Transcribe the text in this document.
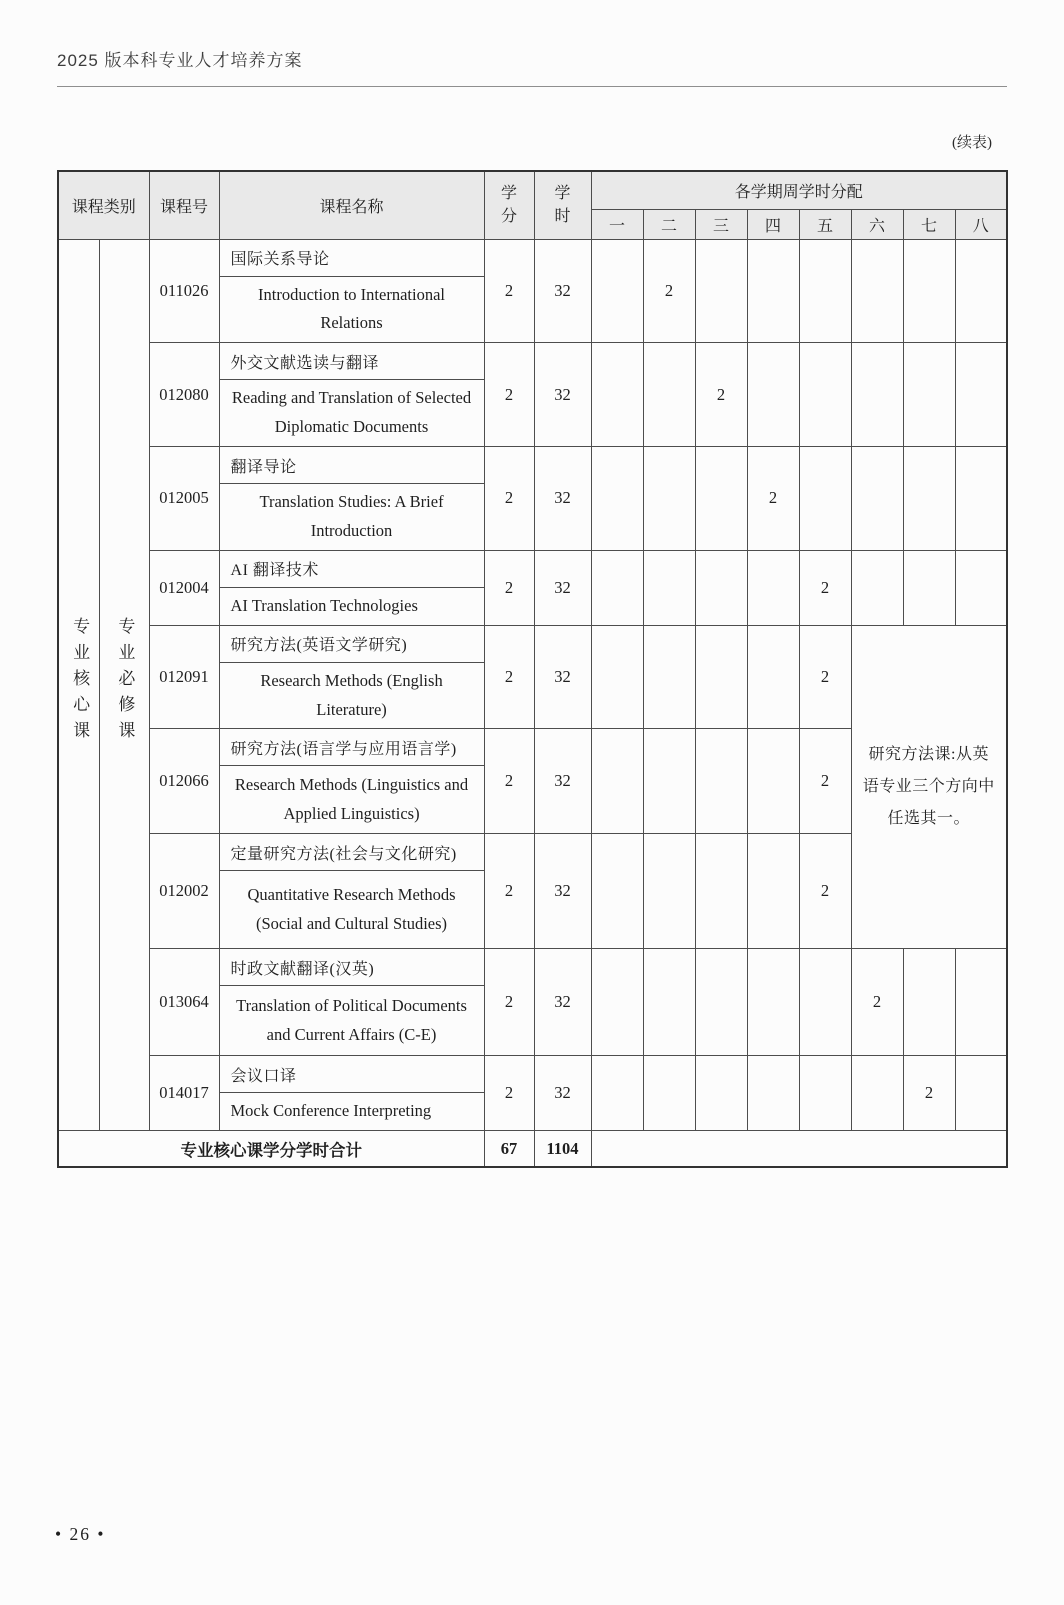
2025 版本科专业人才培养方案
(续表)
课程类别		课程号	课程名称	学分	学时	各学期周学时分配							
						一	二	三	四	五	六	七	八
专业核心课	专业必修课	011026	国际关系导论
Introduction to International Relations	2	32		2						
		012080	外交文献选读与翻译
Reading and Translation of Selected Diplomatic Documents	2	32			2					
		012005	翻译导论
Translation Studies: A Brief Introduction	2	32				2				
		012004	AI 翻译技术
AI Translation Technologies	2	32					2			
		012091	研究方法(英语文学研究)
Research Methods (English Literature)	2	32					2	研究方法课:从英语专业三个方向中任选其一。		
		012066	研究方法(语言学与应用语言学)
Research Methods (Linguistics and Applied Linguistics)	2	32					2			
		012002	定量研究方法(社会与文化研究)
Quantitative Research Methods (Social and Cultural Studies)	2	32					2			
		013064	时政文献翻译(汉英)
Translation of Political Documents and Current Affairs (C-E)	2	32						2		
		014017	会议口译
Mock Conference Interpreting	2	32							2	
专业核心课学分学时合计				67	1104								
• 26 •
